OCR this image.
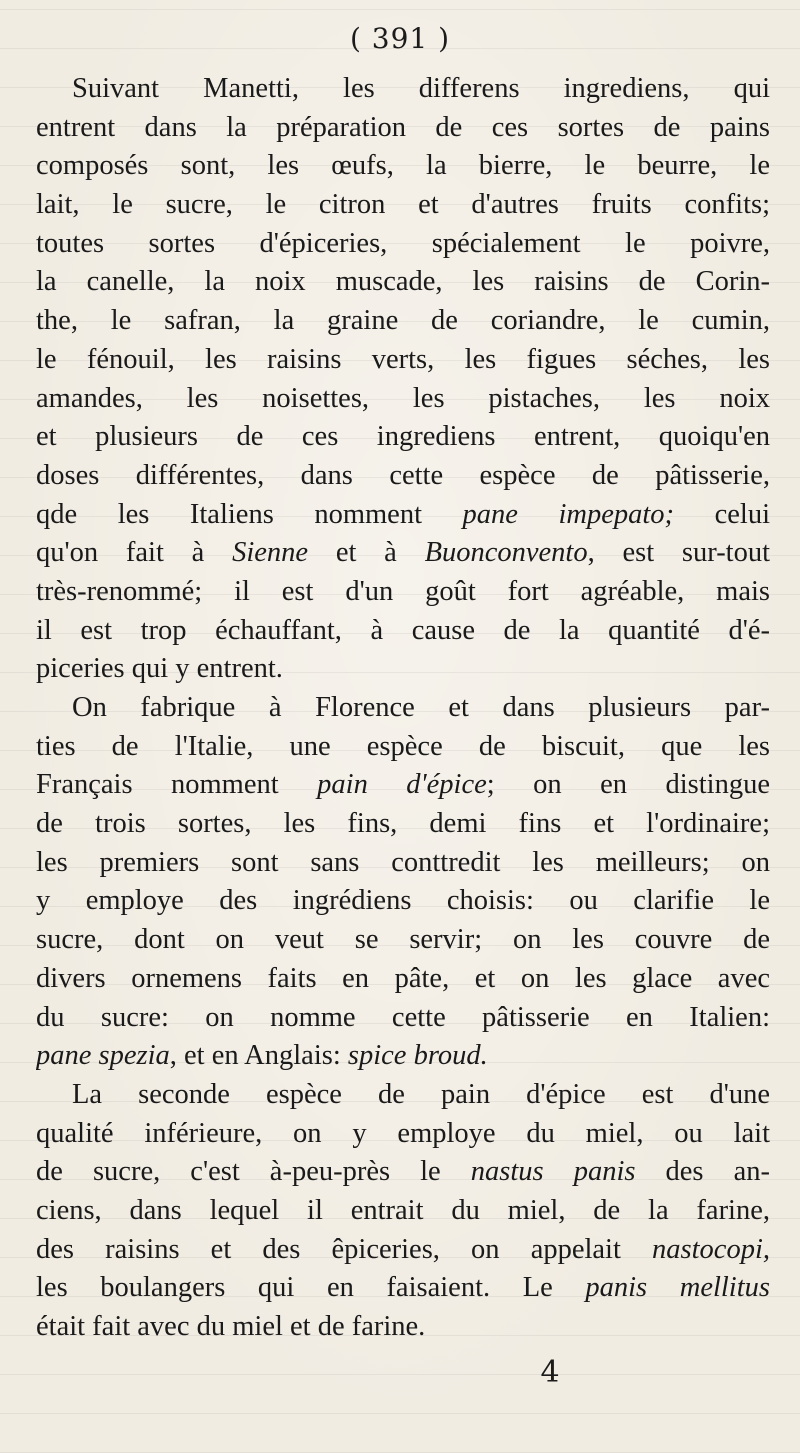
( 391 )
Suivant Manetti, les differens ingrediens, qui
entrent dans la préparation de ces sortes de pains
composés sont, les œufs, la bierre, le beurre, le
lait, le sucre, le citron et d'autres fruits confits;
toutes sortes d'épiceries, spécialement le poivre,
la canelle, la noix muscade, les raisins de Corin-
the, le safran, la graine de coriandre, le cumin,
le fénouil, les raisins verts, les figues séches, les
amandes, les noisettes, les pistaches, les noix
et plusieurs de ces ingrediens entrent, quoiqu'en
doses différentes, dans cette espèce de pâtisserie,
qde les Italiens nomment pane impepato; celui
qu'on fait à Sienne et à Buonconvento, est sur-tout
très-renommé; il est d'un goût fort agréable, mais
il est trop échauffant, à cause de la quantité d'é-
piceries qui y entrent.
On fabrique à Florence et dans plusieurs par-
ties de l'Italie, une espèce de biscuit, que les
Français nomment pain d'épice; on en distingue
de trois sortes, les fins, demi fins et l'ordinaire;
les premiers sont sans conttredit les meilleurs; on
y employe des ingrédiens choisis: ou clarifie le
sucre, dont on veut se servir; on les couvre de
divers ornemens faits en pâte, et on les glace avec
du sucre: on nomme cette pâtisserie en Italien:
pane spezia, et en Anglais: spice broud.
La seconde espèce de pain d'épice est d'une
qualité inférieure, on y employe du miel, ou lait
de sucre, c'est à-peu-près le nastus panis des an-
ciens, dans lequel il entrait du miel, de la farine,
des raisins et des êpiceries, on appelait nastocopi,
les boulangers qui en faisaient. Le panis mellitus
était fait avec du miel et de farine.
4
